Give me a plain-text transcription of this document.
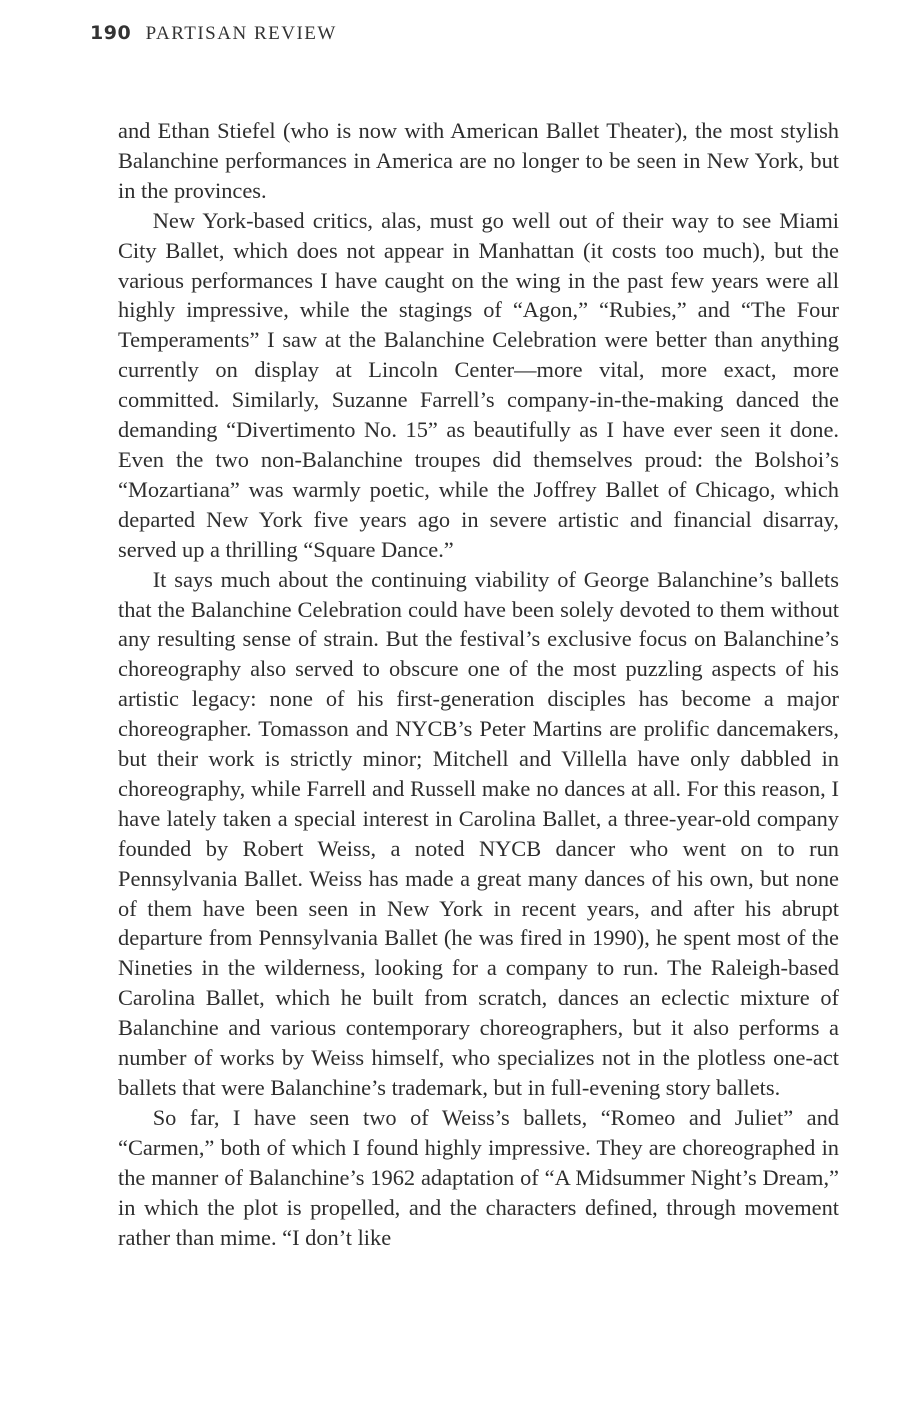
190 PARTISAN REVIEW

and Ethan Stiefel (who is now with American Ballet Theater), the most stylish Balanchine performances in America are no longer to be seen in New York, but in the provinces.

New York-based critics, alas, must go well out of their way to see Miami City Ballet, which does not appear in Manhattan (it costs too much), but the various performances I have caught on the wing in the past few years were all highly impressive, while the stagings of “Agon,” “Rubies,” and “The Four Temperaments” I saw at the Balanchine Celebration were better than anything currently on display at Lincoln Center—more vital, more exact, more committed. Similarly, Suzanne Farrell’s company-in-the-making danced the demanding “Divertimento No. 15” as beautifully as I have ever seen it done. Even the two non-Balanchine troupes did themselves proud: the Bolshoi’s “Mozartiana” was warmly poetic, while the Joffrey Ballet of Chicago, which departed New York five years ago in severe artistic and financial disarray, served up a thrilling “Square Dance.”

It says much about the continuing viability of George Balanchine’s ballets that the Balanchine Celebration could have been solely devoted to them without any resulting sense of strain. But the festival’s exclusive focus on Balanchine’s choreography also served to obscure one of the most puzzling aspects of his artistic legacy: none of his first-generation disciples has become a major choreographer. Tomasson and NYCB’s Peter Martins are prolific dancemakers, but their work is strictly minor; Mitchell and Villella have only dabbled in choreography, while Farrell and Russell make no dances at all. For this reason, I have lately taken a special interest in Carolina Ballet, a three-year-old company founded by Robert Weiss, a noted NYCB dancer who went on to run Pennsylvania Ballet. Weiss has made a great many dances of his own, but none of them have been seen in New York in recent years, and after his abrupt departure from Pennsylvania Ballet (he was fired in 1990), he spent most of the Nineties in the wilderness, looking for a company to run. The Raleigh-based Carolina Ballet, which he built from scratch, dances an eclectic mixture of Balanchine and various contemporary choreographers, but it also performs a number of works by Weiss himself, who specializes not in the plotless one-act ballets that were Balanchine’s trademark, but in full-evening story ballets.

So far, I have seen two of Weiss’s ballets, “Romeo and Juliet” and “Carmen,” both of which I found highly impressive. They are choreographed in the manner of Balanchine’s 1962 adaptation of “A Midsummer Night’s Dream,” in which the plot is propelled, and the characters defined, through movement rather than mime. “I don’t like
